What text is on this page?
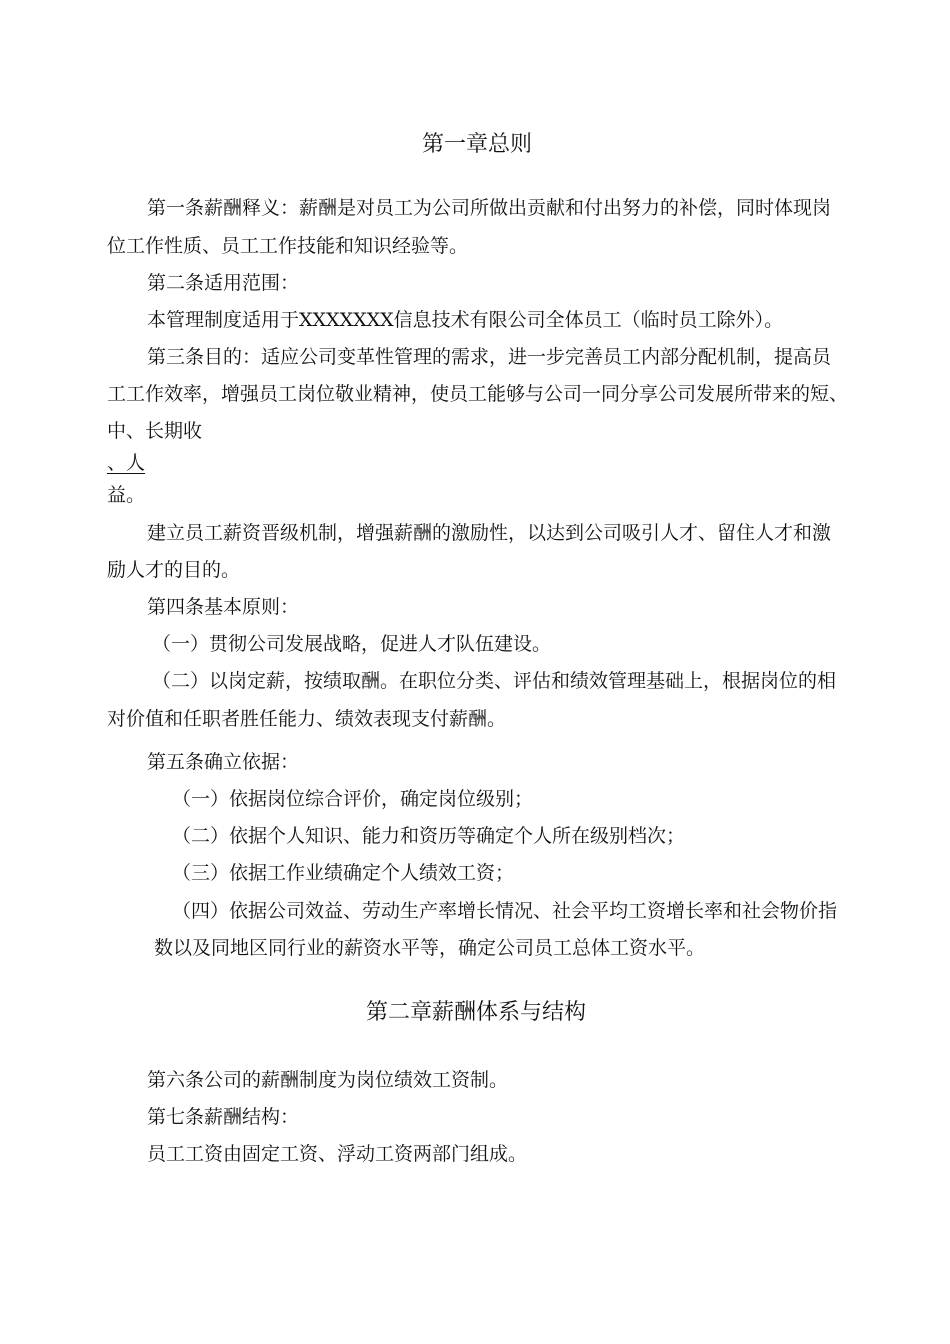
第一章总则
第一条薪酬释义：薪酬是对员工为公司所做出贡献和付出努力的补偿，同时体现岗
位工作性质、员工工作技能和知识经验等。
第二条适用范围：
本管理制度适用于XXXXXXX信息技术有限公司全体员工（临时员工除外）。
第三条目的：适应公司变革性管理的需求，进一步完善员工内部分配机制，提高员
工工作效率，增强员工岗位敬业精神，使员工能够与公司一同分享公司发展所带来的短、
中、长期收
、人
益。
建立员工薪资晋级机制，增强薪酬的激励性，以达到公司吸引人才、留住人才和激
励人才的目的。
第四条基本原则：
（一）贯彻公司发展战略，促进人才队伍建设。
（二）以岗定薪，按绩取酬。在职位分类、评估和绩效管理基础上，根据岗位的相
对价值和任职者胜任能力、绩效表现支付薪酬。
第五条确立依据：
（一）依据岗位综合评价，确定岗位级别；
（二）依据个人知识、能力和资历等确定个人所在级别档次；
（三）依据工作业绩确定个人绩效工资；
（四）依据公司效益、劳动生产率增长情况、社会平均工资增长率和社会物价指
数以及同地区同行业的薪资水平等，确定公司员工总体工资水平。
第二章薪酬体系与结构
第六条公司的薪酬制度为岗位绩效工资制。
第七条薪酬结构：
员工工资由固定工资、浮动工资两部门组成。
